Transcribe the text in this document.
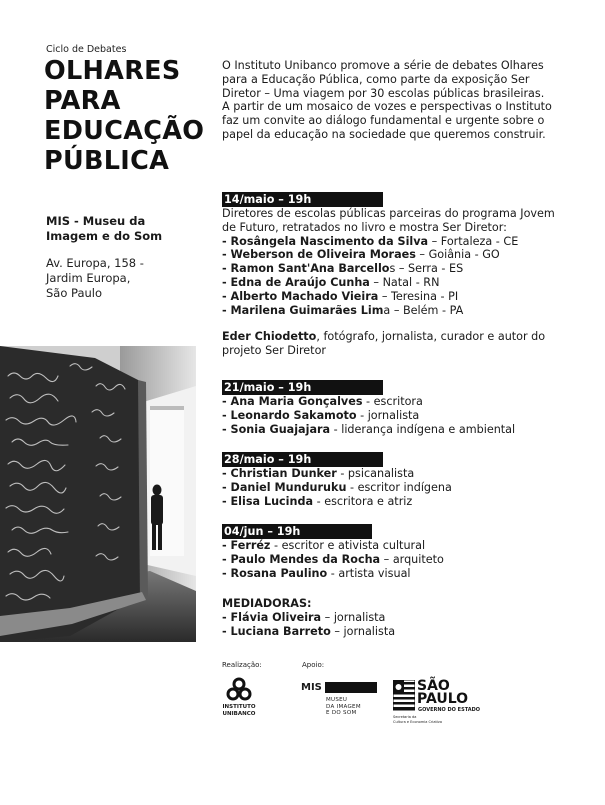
Ciclo de Debates
OLHARES
PARA
EDUCAÇÃO
PÚBLICA
MIS - Museu da
Imagem e do Som
Av. Europa, 158 -
Jardim Europa,
São Paulo
O Instituto Unibanco promove a série de debates Olhares
para a Educação Pública, como parte da exposição Ser
Diretor – Uma viagem por 30 escolas públicas brasileiras.
A partir de um mosaico de vozes e perspectivas o Instituto
faz um convite ao diálogo fundamental e urgente sobre o
papel da educação na sociedade que queremos construir.
14/maio – 19h
Diretores de escolas públicas parceiras do programa Jovem
de Futuro, retratados no livro e mostra Ser Diretor:
- Rosângela Nascimento da Silva – Fortaleza - CE
- Weberson de Oliveira Moraes – Goiânia - GO
- Ramon Sant'Ana Barcellos – Serra - ES
- Edna de Araújo Cunha – Natal - RN
- Alberto Machado Vieira – Teresina - PI
- Marilena Guimarães Lima – Belém - PA
Eder Chiodetto, fotógrafo, jornalista, curador e autor do
projeto Ser Diretor
21/maio – 19h
- Ana Maria Gonçalves - escritora
- Leonardo Sakamoto - jornalista
- Sonia Guajajara - liderança indígena e ambiental
28/maio – 19h
- Christian Dunker - psicanalista
- Daniel Munduruku - escritor indígena
- Elisa Lucinda - escritora e atriz
04/jun – 19h
- Ferréz - escritor e ativista cultural
- Paulo Mendes da Rocha – arquiteto
- Rosana Paulino - artista visual
MEDIADORAS:
- Flávia Oliveira – jornalista
- Luciana Barreto – jornalista
Realização:	Apoio:
INSTITUTO
UNIBANCO
MIS
MUSEU
DA IMAGEM
E DO SOM
SÃO
PAULO
GOVERNO DO ESTADO
Secretaria da
Cultura e Economia Criativa
